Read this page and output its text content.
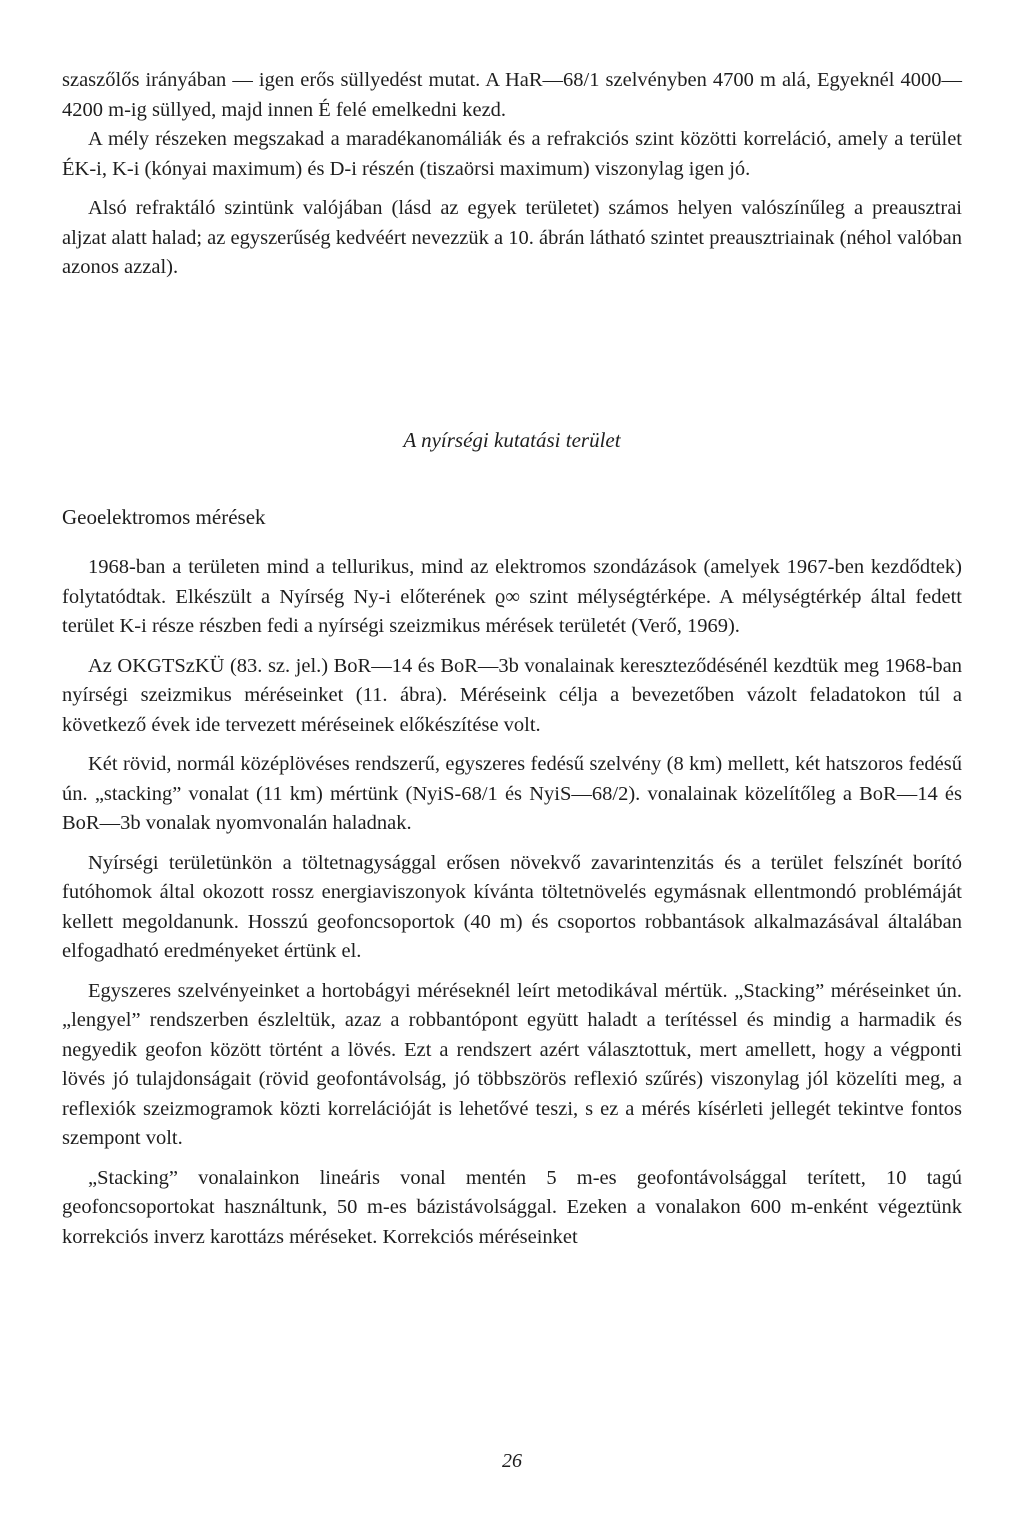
szaszőlős irányában — igen erős süllyedést mutat. A HaR—68/1 szelvényben 4700 m alá, Egyeknél 4000—4200 m-ig süllyed, majd innen É felé emelkedni kezd.

A mély részeken megszakad a maradékanomáliák és a refrakciós szint közötti korreláció, amely a terület ÉK-i, K-i (kónyai maximum) és D-i részén (tiszaörsi maximum) viszonylag igen jó.

Alsó refraktáló szintünk valójában (lásd az egyek területet) számos helyen valószínűleg a preausztrai aljzat alatt halad; az egyszerűség kedvéért nevezzük a 10. ábrán látható szintet preausztriainak (néhol valóban azonos azzal).

A nyírségi kutatási terület
Geoelektromos mérések

1968-ban a területen mind a tellurikus, mind az elektromos szondázások (amelyek 1967-ben kezdődtek) folytatódtak. Elkészült a Nyírség Ny-i előterének ϱ∞ szint mélységtérképe. A mélységtérkép által fedett terület K-i része részben fedi a nyírségi szeizmikus mérések területét (Verő, 1969).

Az OKGTSzKÜ (83. sz. jel.) BoR—14 és BoR—3b vonalainak kereszteződésénél kezdtük meg 1968-ban nyírségi szeizmikus méréseinket (11. ábra). Méréseink célja a bevezetőben vázolt feladatokon túl a következő évek ide tervezett méréseinek előkészítése volt.

Két rövid, normál középlövéses rendszerű, egyszeres fedésű szelvény (8 km) mellett, két hatszoros fedésű ún. „stacking” vonalat (11 km) mértünk (NyiS-68/1 és NyiS—68/2). vonalainak közelítőleg a BoR—14 és BoR—3b vonalak nyomvonalán haladnak.

Nyírségi területünkön a töltetnagysággal erősen növekvő zavarintenzitás és a terület felszínét borító futóhomok által okozott rossz energiaviszonyok kívánta töltetnövelés egymásnak ellentmondó problémáját kellett megoldanunk. Hosszú geofoncsoportok (40 m) és csoportos robbantások alkalmazásával általában elfogadható eredményeket értünk el.

Egyszeres szelvényeinket a hortobágyi méréseknél leírt metodikával mértük. „Stacking” méréseinket ún. „lengyel” rendszerben észleltük, azaz a robbantópont együtt haladt a terítéssel és mindig a harmadik és negyedik geofon között történt a lövés. Ezt a rendszert azért választottuk, mert amellett, hogy a végponti lövés jó tulajdonságait (rövid geofontávolság, jó többszörös reflexió szűrés) viszonylag jól közelíti meg, a reflexiók szeizmogramok közti korrelációját is lehetővé teszi, s ez a mérés kísérleti jellegét tekintve fontos szempont volt.

„Stacking” vonalainkon lineáris vonal mentén 5 m-es geofontávolsággal terített, 10 tagú geofoncsoportokat használtunk, 50 m-es bázistávolsággal. Ezeken a vonalakon 600 m-enként végeztünk korrekciós inverz karottázs méréseket. Korrekciós méréseinket

26
